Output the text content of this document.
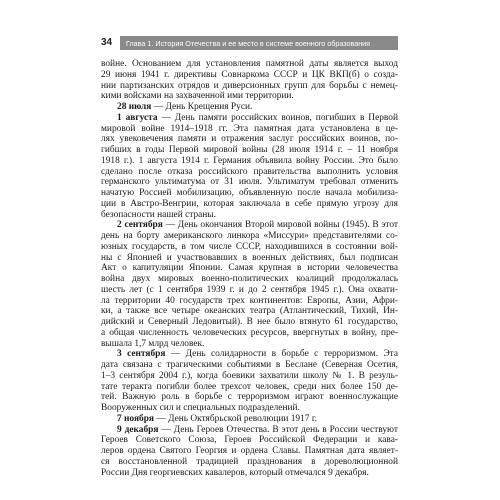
34	Глава 1. История Отечества и ее место в системе военного образования
войне. Основанием для установления памятной даты является выход
29 июня 1941 г. директивы Совнаркома СССР и ЦК ВКП(б) о созда-
нии партизанских отрядов и диверсионных групп для борьбы с немец-
кими войсками на захваченной ими территории.
28 июля — День Крещения Руси.
1 августа — День памяти российских воинов, погибших в Первой
мировой войне 1914–1918 гг. Эта памятная дата установлена в це-
лях увековечения памяти и отражения заслуг российских воинов, по-
гибших в годы Первой мировой войны (28 июля 1914 г. – 11 ноября
1918 г.). 1 августа 1914 г. Германия объявила войну России. Это было
сделано после отказа российского правительства выполнить условия
германского ультиматума от 31 июля. Ультиматум требовал отменить
начатую Россией мобилизацию, объявленную после начала мобилиза-
ции в Австро-Венгрии, которая заключала в себе прямую угрозу для
безопасности нашей страны.
2 сентября — День окончания Второй мировой войны (1945). В этот
день на борту американского линкора «Миссури» представителями со-
юзных государств, в том числе СССР, находившихся в состоянии вой-
ны с Японией и участвовавших в военных действиях, был подписан
Акт о капитуляции Японии. Самая крупная в истории человечества
война двух мировых военно-политических коалиций продолжалась
шесть лет (с 1 сентября 1939 г. и до 2 сентября 1945 г.). Она охвати-
ла территории 40 государств трех континентов: Европы, Азии, Афри-
ки, а также все четыре океанских театра (Атлантический, Тихий, Ин-
дийский и Северный Ледовитый). В нее было втянуто 61 государство,
а общая численность человеческих ресурсов, ввергнутых в войну, пре-
вышала 1,7 млрд человек.
3 сентября — День солидарности в борьбе с терроризмом. Эта
дата связана с трагическими событиями в Беслане (Северная Осетия,
1–3 сентября 2004 г.), когда боевики захватили школу № 1. В резуль-
тате теракта погибли более трехсот человек, среди них более 150 де-
тей. Важную роль в борьбе с терроризмом играют военнослужащие
Вооруженных сил и специальных подразделений.
7 ноября — День Октябрьской революции 1917 г.
9 декабря — День Героев Отечества. В этот день в России чествуют
Героев Советского Союза, Героев Российской Федерации и кава-
леров ордена Святого Георгия и ордена Славы. Памятная дата являет-
ся восстановленной традицией празднования в дореволюционной
России Дня георгиевских кавалеров, который отмечался 9 декабря.
